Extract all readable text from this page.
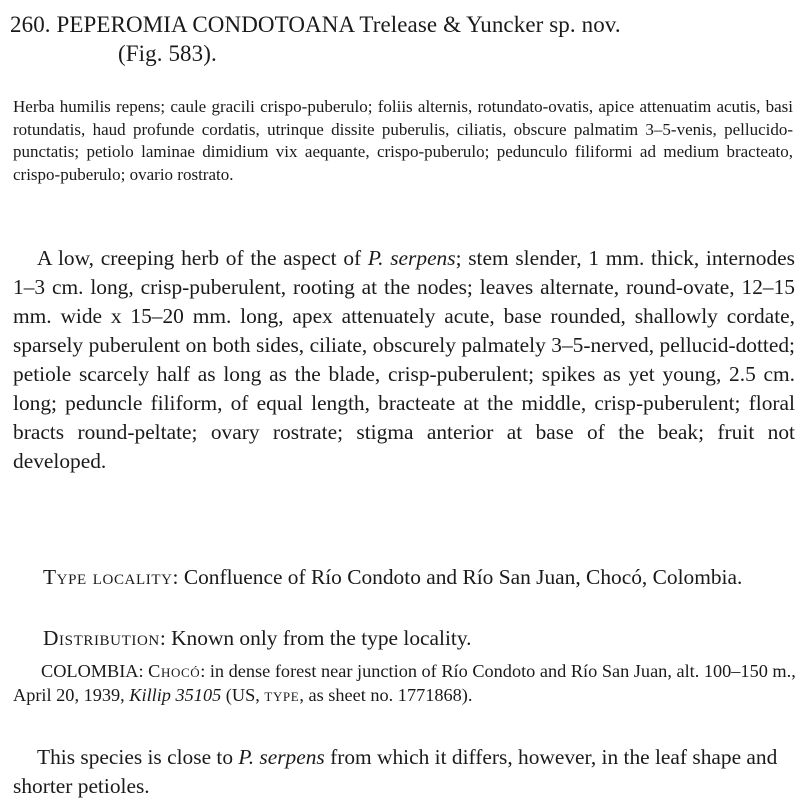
260. PEPEROMIA CONDOTOANA Trelease & Yuncker sp. nov.
(Fig. 583).

Herba humilis repens; caule gracili crispo-puberulo; foliis alternis, rotundato-ovatis, apice attenuatim acutis, basi rotundatis, haud profunde cordatis, utrinque dissite puberulis, ciliatis, obscure palmatim 3–5-venis, pellucido-punctatis; petiolo laminae dimidium vix aequante, crispo-puberulo; pedunculo filiformi ad medium bracteato, crispo-puberulo; ovario rostrato.

A low, creeping herb of the aspect of P. serpens; stem slender, 1 mm. thick, internodes 1–3 cm. long, crisp-puberulent, rooting at the nodes; leaves alternate, round-ovate, 12–15 mm. wide x 15–20 mm. long, apex attenuately acute, base rounded, shallowly cordate, sparsely puberulent on both sides, ciliate, obscurely palmately 3–5-nerved, pellucid-dotted; petiole scarcely half as long as the blade, crisp-puberulent; spikes as yet young, 2.5 cm. long; peduncle filiform, of equal length, bracteate at the middle, crisp-puberulent; floral bracts round-peltate; ovary rostrate; stigma anterior at base of the beak; fruit not developed.

Type locality: Confluence of Río Condoto and Río San Juan, Chocó, Colombia.

Distribution: Known only from the type locality.

COLOMBIA: Chocó: in dense forest near junction of Río Condoto and Río San Juan, alt. 100–150 m., April 20, 1939, Killip 35105 (US, type, as sheet no. 1771868).

This species is close to P. serpens from which it differs, however, in the leaf shape and shorter petioles.
